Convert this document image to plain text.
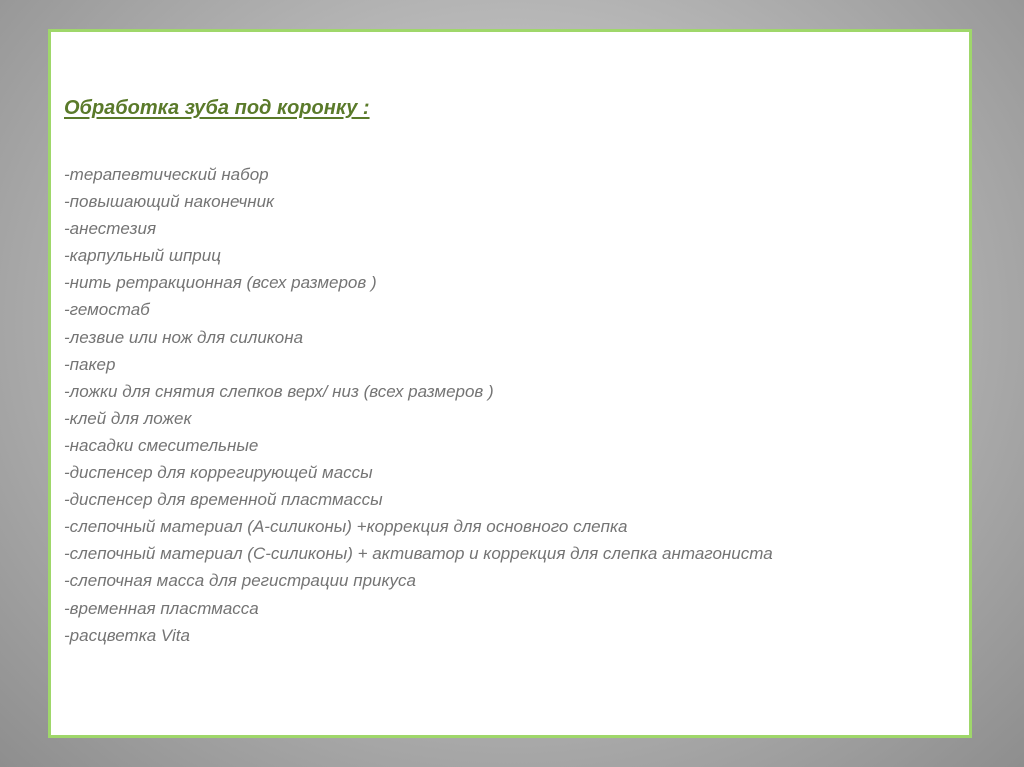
Обработка зуба под коронку :
-терапевтический набор
-повышающий наконечник
-анестезия
-карпульный шприц
-нить ретракционная (всех размеров )
-гемостаб
-лезвие или нож для силикона
-пакер
-ложки для снятия слепков верх/ низ (всех размеров )
-клей для ложек
-насадки смесительные
-диспенсер для коррегирующей массы
-диспенсер для временной пластмассы
-слепочный материал (А-силиконы) +коррекция для основного слепка
-слепочный материал (С-силиконы) + активатор и коррекция для слепка антагониста
-слепочная масса для регистрации прикуса
-временная пластмасса
-расцветка Vita
